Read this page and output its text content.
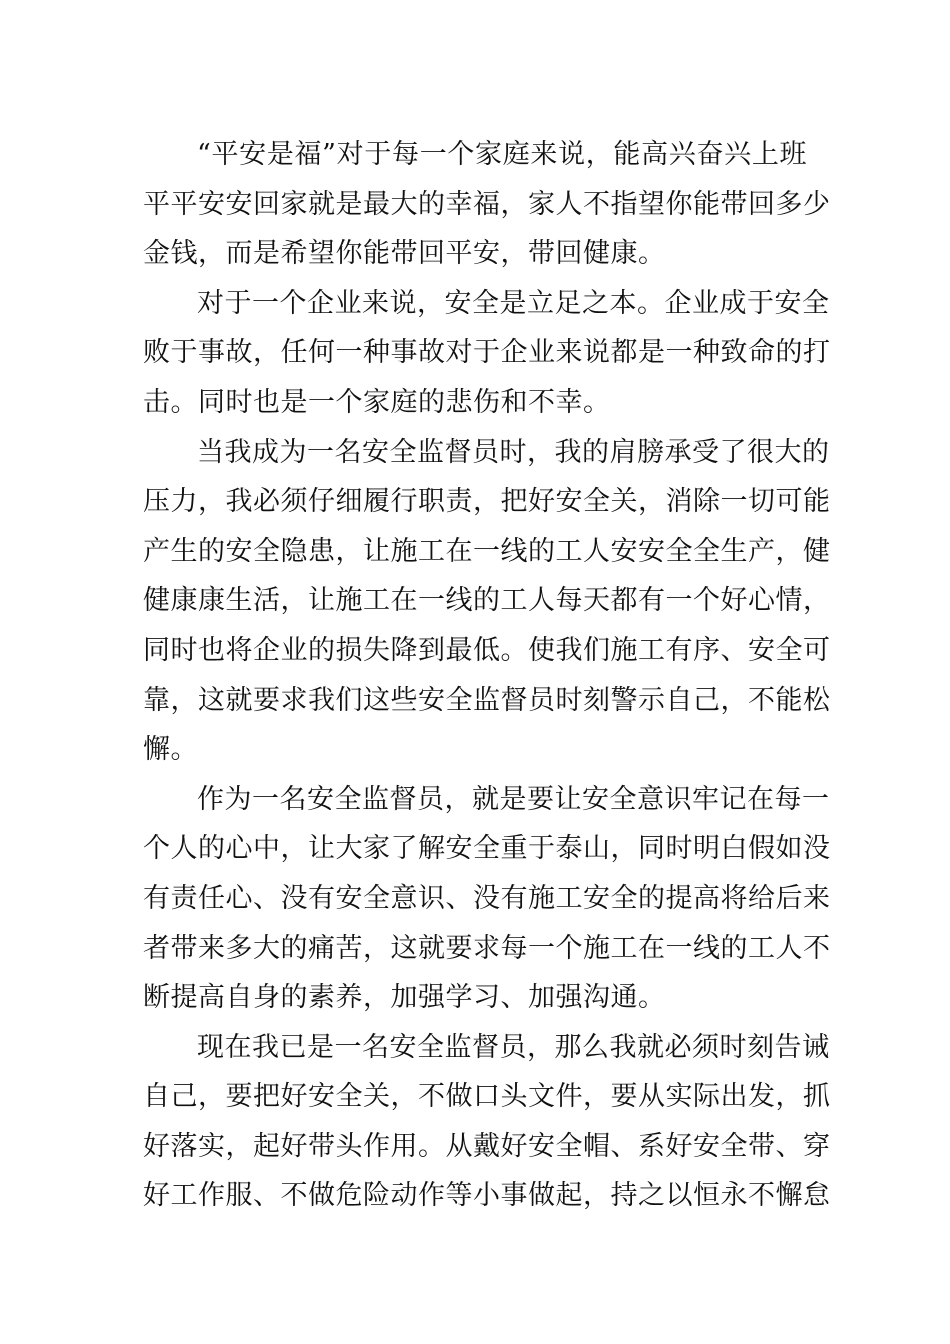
“平安是福”对于每一个家庭来说，能高兴奋兴上班
平平安安回家就是最大的幸福，家人不指望你能带回多少
金钱，而是希望你能带回平安，带回健康。
对于一个企业来说，安全是立足之本。企业成于安全
败于事故，任何一种事故对于企业来说都是一种致命的打
击。同时也是一个家庭的悲伤和不幸。
当我成为一名安全监督员时，我的肩膀承受了很大的
压力，我必须仔细履行职责，把好安全关，消除一切可能
产生的安全隐患，让施工在一线的工人安安全全生产，健
健康康生活，让施工在一线的工人每天都有一个好心情，
同时也将企业的损失降到最低。使我们施工有序、安全可
靠，这就要求我们这些安全监督员时刻警示自己，不能松
懈。
作为一名安全监督员，就是要让安全意识牢记在每一
个人的心中，让大家了解安全重于泰山，同时明白假如没
有责任心、没有安全意识、没有施工安全的提高将给后来
者带来多大的痛苦，这就要求每一个施工在一线的工人不
断提高自身的素养，加强学习、加强沟通。
现在我已是一名安全监督员，那么我就必须时刻告诫
自己，要把好安全关，不做口头文件，要从实际出发，抓
好落实，起好带头作用。从戴好安全帽、系好安全带、穿
好工作服、不做危险动作等小事做起，持之以恒永不懈怠
